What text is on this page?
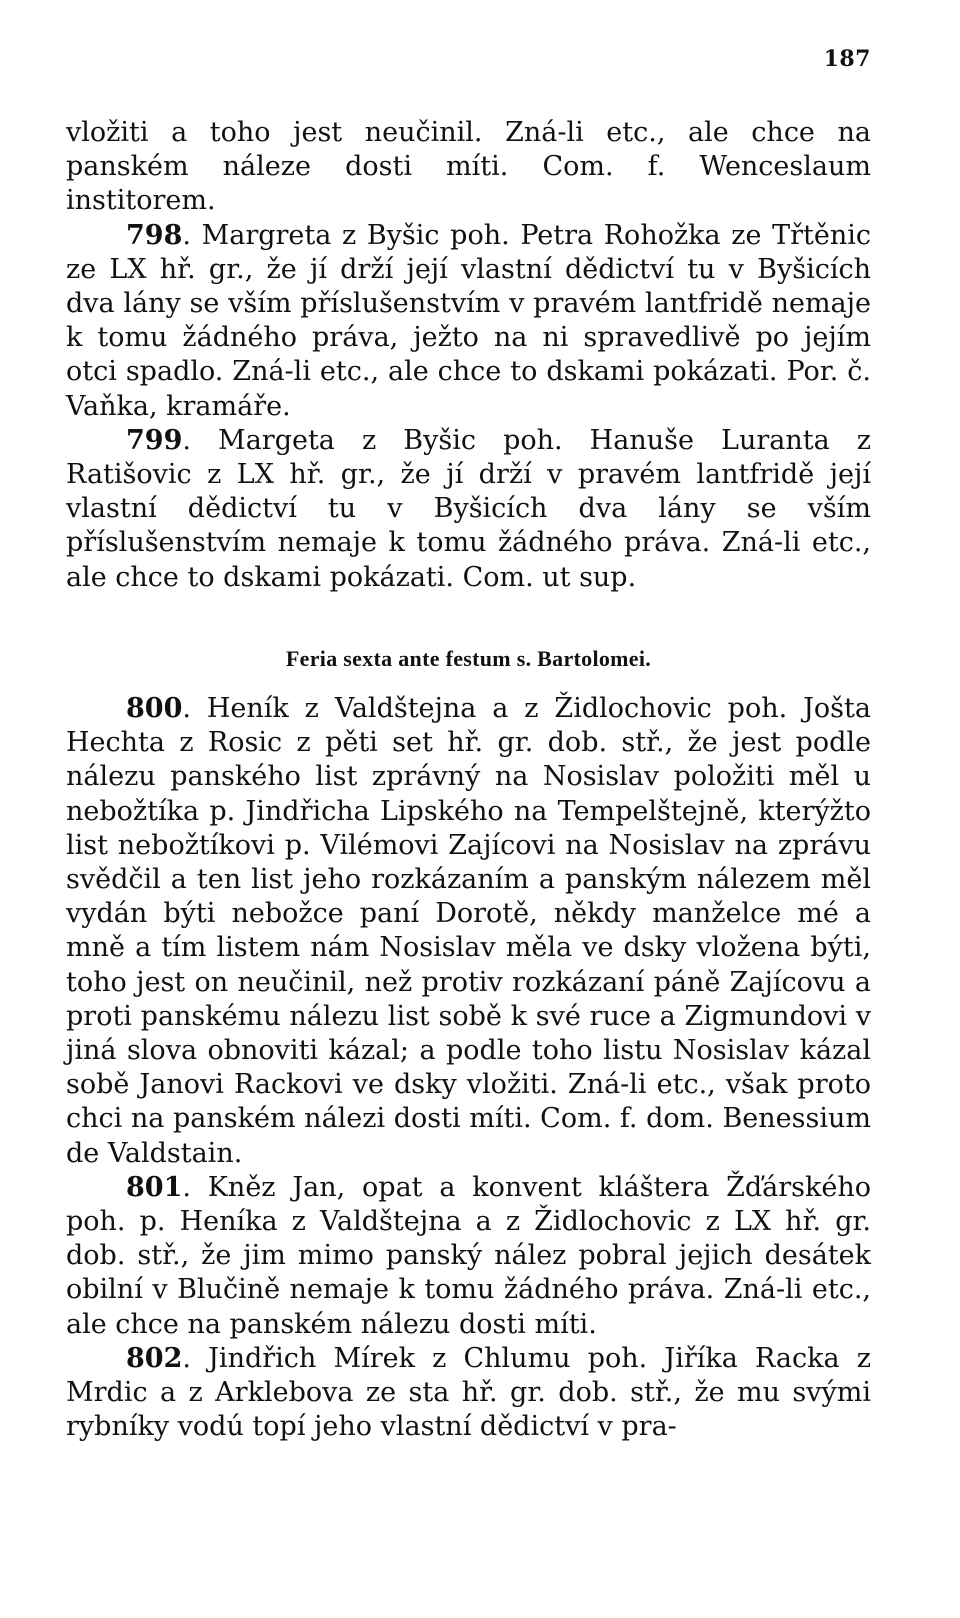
187

vložiti a toho jest neučinil. Zná-li etc., ale chce na panském náleze dosti míti. Com. f. Wenceslaum institorem.

798. Margreta z Byšic poh. Petra Rohožka ze Třtěnic ze LX hř. gr., že jí drží její vlastní dědictví tu v Byšicích dva lány se vším příslušenstvím v pravém lantfridě nemaje k tomu žádného práva, ježto na ni spravedlivě po jejím otci spadlo. Zná-li etc., ale chce to dskami pokázati. Por. č. Vaňka, kramáře.

799. Margeta z Byšic poh. Hanuše Luranta z Ratišovic z LX hř. gr., že jí drží v pravém lantfridě její vlastní dědictví tu v Byšicích dva lány se vším příslušenstvím nemaje k tomu žádného práva. Zná-li etc., ale chce to dskami pokázati. Com. ut sup.

Feria sexta ante festum s. Bartolomei.

800. Heník z Valdštejna a z Židlochovic poh. Jošta Hechta z Rosic z pěti set hř. gr. dob. stř., že jest podle nálezu panského list zprávný na Nosislav položiti měl u nebožtíka p. Jindřicha Lipského na Tempelštejně, kterýžto list nebožtíkovi p. Vilémovi Zajícovi na Nosislav na zprávu svědčil a ten list jeho rozkázaním a panským nálezem měl vydán býti nebožce paní Dorotě, někdy manželce mé a mně a tím listem nám Nosislav měla ve dsky vložena býti, toho jest on neučinil, než protiv rozkázaní páně Zajícovu a proti panskému nálezu list sobě k své ruce a Zigmundovi v jiná slova obnoviti kázal; a podle toho listu Nosislav kázal sobě Janovi Rackovi ve dsky vložiti. Zná-li etc., však proto chci na panském nálezi dosti míti. Com. f. dom. Benessium de Valdstain.

801. Kněz Jan, opat a konvent kláštera Žďárského poh. p. Heníka z Valdštejna a z Židlochovic z LX hř. gr. dob. stř., že jim mimo panský nález pobral jejich desátek obilní v Blučině nemaje k tomu žádného práva. Zná-li etc., ale chce na panském nálezu dosti míti.

802. Jindřich Mírek z Chlumu poh. Jiříka Racka z Mrdic a z Arklebova ze sta hř. gr. dob. stř., že mu svými rybníky vodú topí jeho vlastní dědictví v pra-
